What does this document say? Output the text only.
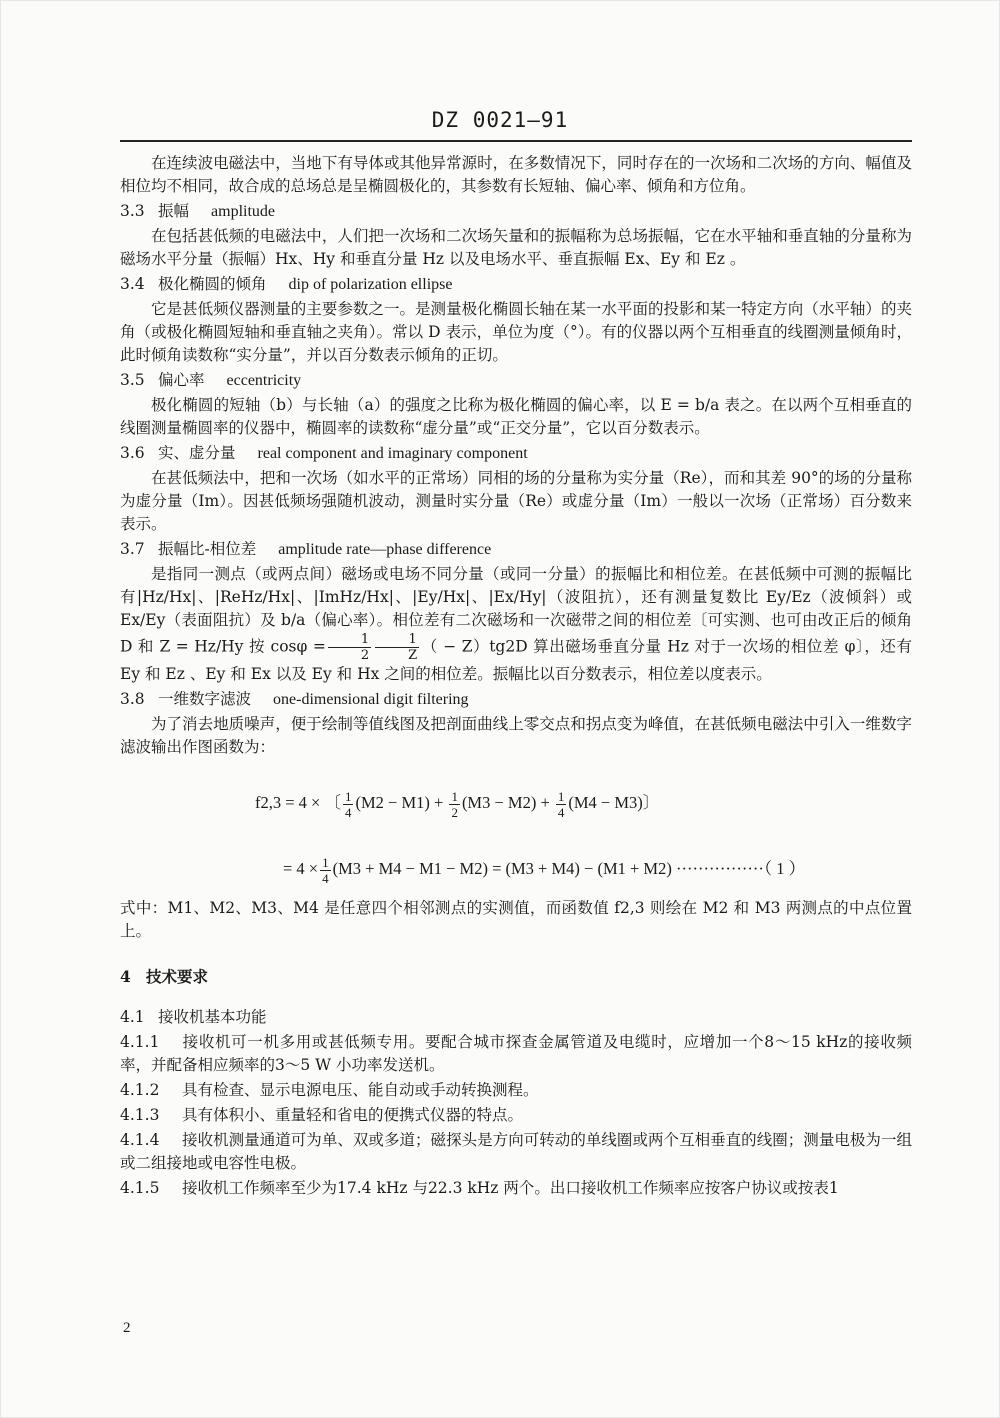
DZ 0021—91

在连续波电磁法中，当地下有导体或其他异常源时，在多数情况下，同时存在的一次场和二次场的方向、幅值及相位均不相同，故合成的总场总是呈椭圆极化的，其参数有长短轴、偏心率、倾角和方位角。

3.3 振幅 amplitude

在包括甚低频的电磁法中，人们把一次场和二次场矢量和的振幅称为总场振幅，它在水平轴和垂直轴的分量称为磁场水平分量（振幅）Hx、Hy 和垂直分量 Hz 以及电场水平、垂直振幅 Ex、Ey 和 Ez 。

3.4 极化椭圆的倾角 dip of polarization ellipse

它是甚低频仪器测量的主要参数之一。是测量极化椭圆长轴在某一水平面的投影和某一特定方向（水平轴）的夹角（或极化椭圆短轴和垂直轴之夹角）。常以 D 表示，单位为度（°）。有的仪器以两个互相垂直的线圈测量倾角时，此时倾角读数称“实分量”，并以百分数表示倾角的正切。

3.5 偏心率 eccentricity

极化椭圆的短轴（b）与长轴（a）的强度之比称为极化椭圆的偏心率，以 E = b/a 表之。在以两个互相垂直的线圈测量椭圆率的仪器中，椭圆率的读数称“虚分量”或“正交分量”，它以百分数表示。

3.6 实、虚分量 real component and imaginary component

在甚低频法中，把和一次场（如水平的正常场）同相的场的分量称为实分量（Re），而和其差 90°的场的分量称为虚分量（Im）。因甚低频场强随机波动，测量时实分量（Re）或虚分量（Im）一般以一次场（正常场）百分数来表示。

3.7 振幅比-相位差 amplitude rate—phase difference

是指同一测点（或两点间）磁场或电场不同分量（或同一分量）的振幅比和相位差。在甚低频中可测的振幅比有|Hz/Hx|、|ReHz/Hx|、|ImHz/Hx|、|Ey/Hx|、|Ex/Hy|（波阻抗），还有测量复数比 Ey/Ez（波倾斜）或 Ex/Ey（表面阻抗）及 b/a（偏心率）。相位差有二次磁场和一次磁带之间的相位差〔可实测、也可由改正后的倾角 D 和 Z = Hz/Hy 按 $\cos\varphi = \frac{1}{2} \frac{1}{Z}$ （ − Z）tg2D 算出磁场垂直分量 Hz 对于一次场的相位差 φ〕，还有 Ey 和 Ez 、Ey 和 Ex 以及 Ey 和 Hx 之间的相位差。振幅比以百分数表示，相位差以度表示。

3.8 一维数字滤波 one-dimensional digit filtering

为了消去地质噪声，便于绘制等值线图及把剖面曲线上零交点和拐点变为峰值，在甚低频电磁法中引入一维数字滤波输出作图函数为：

f2,3 = 4 × 〔 $\frac{1}{4} (M2 - M1) + \frac{1}{2} (M3 - M2) + \frac{1}{4} (M4 - M3)$〕
= $4 \times \frac{1}{4} (M3 + M4 - M1 - M2) = (M3 + M4) - (M1 + M2)$ ················（ 1 ）

式中：M1、M2、M3、M4 是任意四个相邻测点的实测值，而函数值 f2,3 则绘在 M2 和 M3 两测点的中点位置上。

4 技术要求
4.1 接收机基本功能

4.1.1 接收机可一机多用或甚低频专用。要配合城市探查金属管道及电缆时，应增加一个8～15 kHz的接收频率，并配备相应频率的3～5 W 小功率发送机。

4.1.2 具有检查、显示电源电压、能自动或手动转换测程。

4.1.3 具有体积小、重量轻和省电的便携式仪器的特点。

4.1.4 接收机测量通道可为单、双或多道；磁探头是方向可转动的单线圈或两个互相垂直的线圈；测量电极为一组或二组接地或电容性电极。

4.1.5 接收机工作频率至少为17.4 kHz 与22.3 kHz 两个。出口接收机工作频率应按客户协议或按表1

2
